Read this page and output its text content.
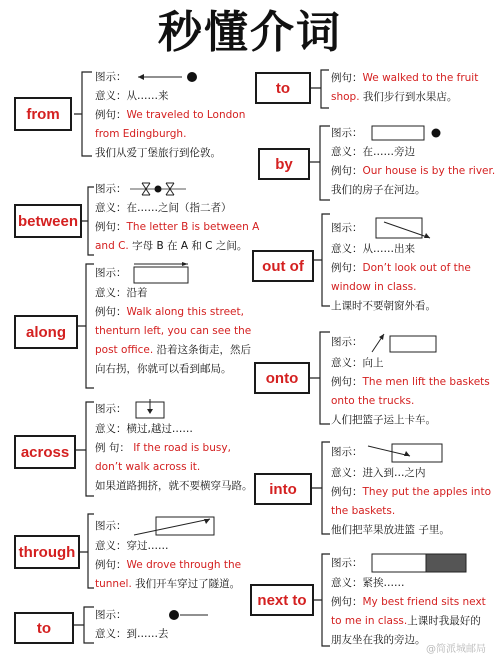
秒懂介词
from
图示：
意义：从……来
例句：We traveled to London
from Edingburgh.
我们从爱丁堡旅行到伦敦。
between
图示：
意义：在……之间（指二者）
例句：The letter B is between A
and C. 字母 B 在 A 和 C 之间。
along
图示：
意义：沿着
例句：Walk along this street,
thenturn left, you can see the
post office. 沿着这条街走，然后
向右拐，你就可以看到邮局。
across
图示：
意义：横过,越过……
例 句： If the road is busy,
don’t walk across it.
如果道路拥挤，就不要横穿马路。
through
图示：
意义：穿过……
例句：We drove through the
tunnel. 我们开车穿过了隧道。
to
图示：
意义：到……去
to
例句：We walked to the fruit
shop. 我们步行到水果店。
by
图示：
意义：在……旁边
例句：Our house is by the river.
我们的房子在河边。
out of
图示：
意义：从……出来
例句：Don’t look out of the
window in class.
上课时不要朝窗外看。
onto
图示：
意义：向上
例句：The men lift the baskets
onto the trucks.
人们把篮子运上卡车。
into
图示：
意义：进入到…之内
例句：They put the apples into
the baskets.
他们把苹果放进篮 子里。
next to
图示：
意义：紧挨……
例句：My best friend sits next
to me in class.上课时我最好的
朋友坐在我的旁边。
@简派城邮局
